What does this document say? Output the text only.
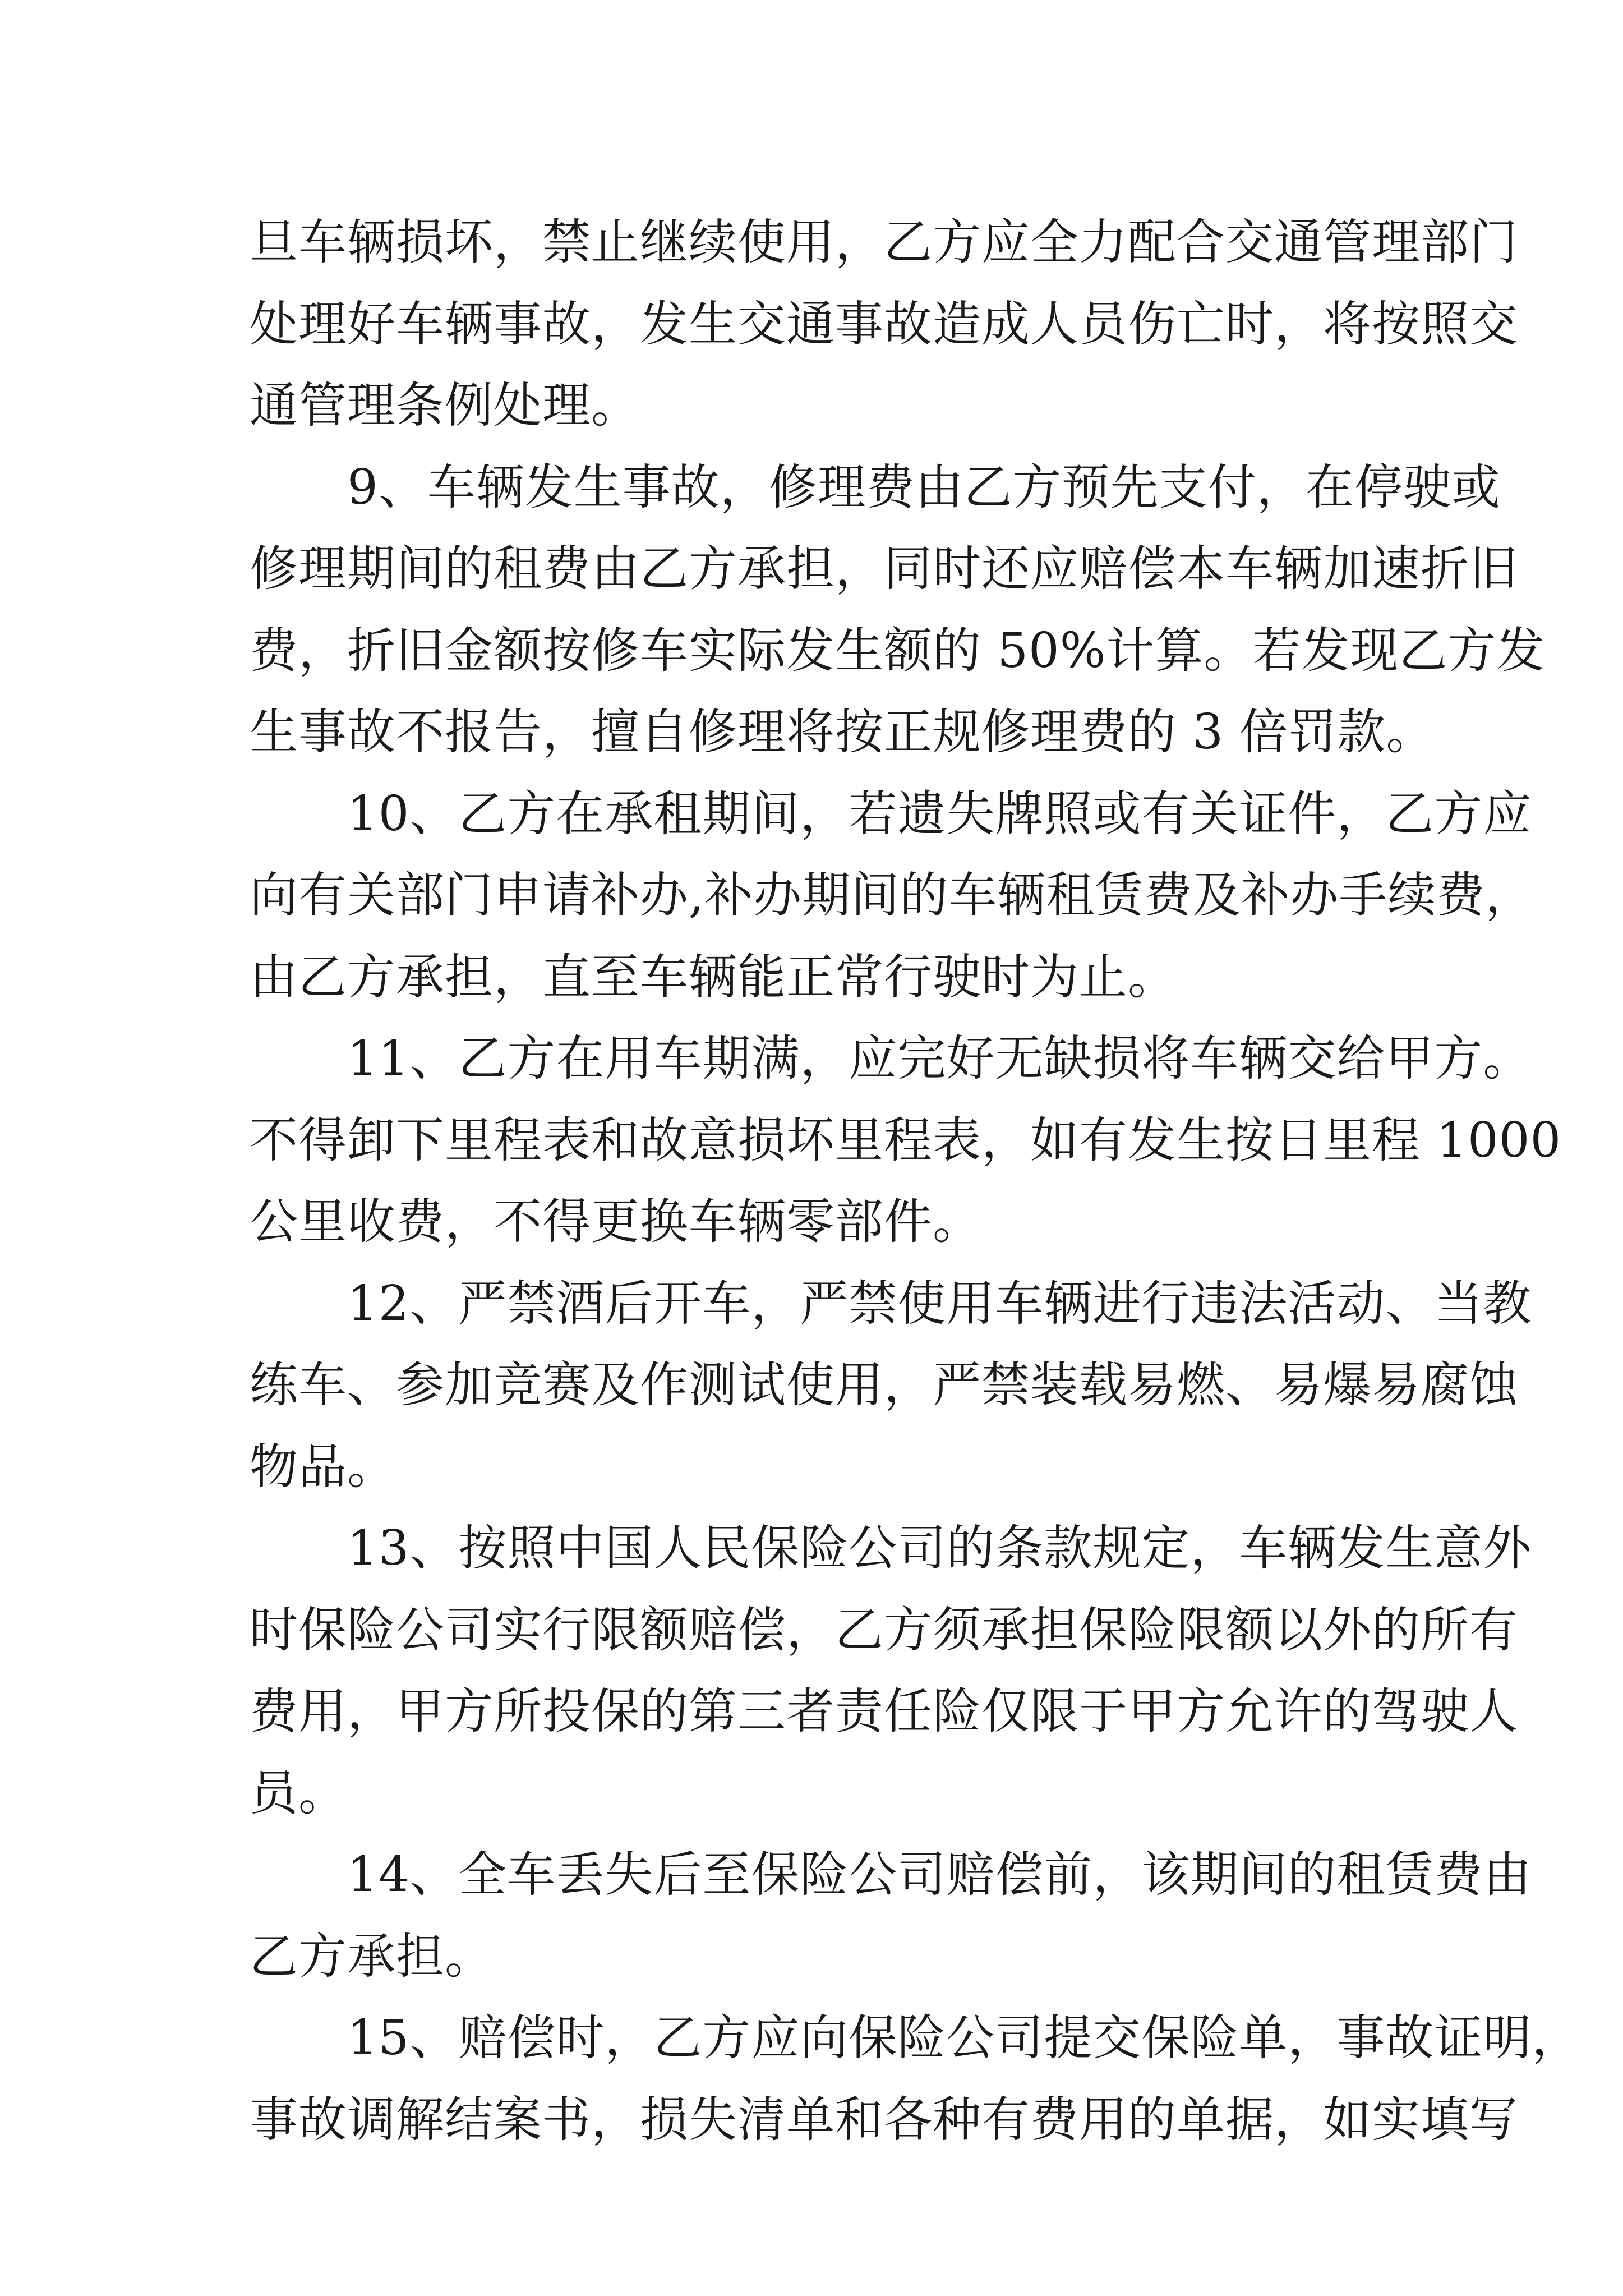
旦车辆损坏，禁止继续使用，乙方应全力配合交通管理部门
处理好车辆事故，发生交通事故造成人员伤亡时，将按照交
通管理条例处理。
　　9、车辆发生事故，修理费由乙方预先支付，在停驶或
修理期间的租费由乙方承担，同时还应赔偿本车辆加速折旧
费，折旧金额按修车实际发生额的 50%计算。若发现乙方发
生事故不报告，擅自修理将按正规修理费的 3 倍罚款。
　　10、乙方在承租期间，若遗失牌照或有关证件，乙方应
向有关部门申请补办,补办期间的车辆租赁费及补办手续费，
由乙方承担，直至车辆能正常行驶时为止。
　　11、乙方在用车期满，应完好无缺损将车辆交给甲方。
不得卸下里程表和故意损坏里程表，如有发生按日里程 1000
公里收费，不得更换车辆零部件。
　　12、严禁酒后开车，严禁使用车辆进行违法活动、当教
练车、参加竞赛及作测试使用，严禁装载易燃、易爆易腐蚀
物品。
　　13、按照中国人民保险公司的条款规定，车辆发生意外
时保险公司实行限额赔偿，乙方须承担保险限额以外的所有
费用，甲方所投保的第三者责任险仅限于甲方允许的驾驶人
员。
　　14、全车丢失后至保险公司赔偿前，该期间的租赁费由
乙方承担。
　　15、赔偿时，乙方应向保险公司提交保险单，事故证明，
事故调解结案书，损失清单和各种有费用的单据，如实填写
